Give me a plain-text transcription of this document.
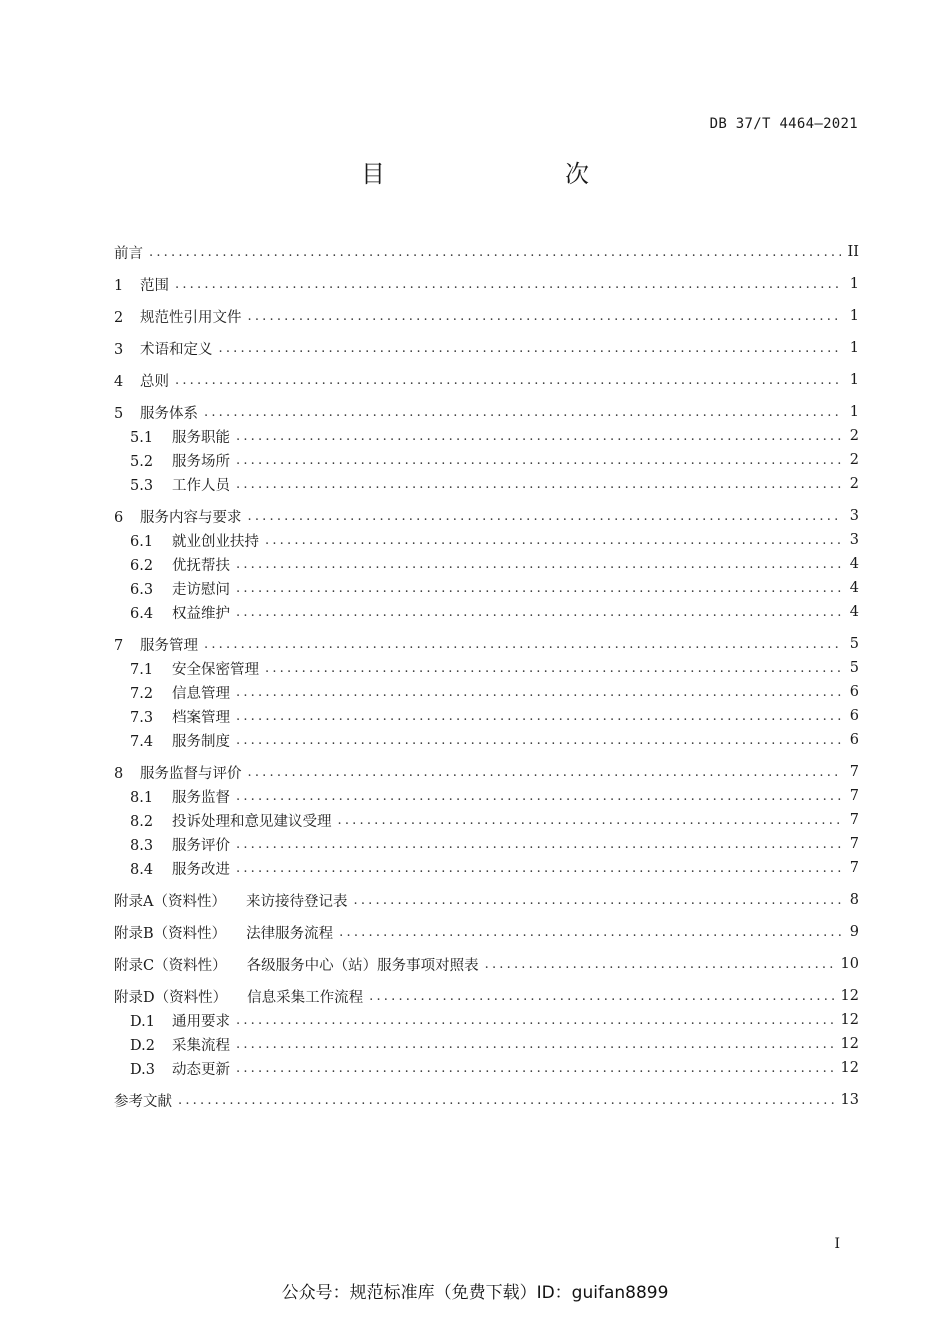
DB 37/T 4464—2021
目　　次
前言 .....	II
1 范围 .....	1
2 规范性引用文件 .....	1
3 术语和定义 .....	1
4 总则 .....	1
5 服务体系 .....	1
5.1 服务职能 .....	2
5.2 服务场所 .....	2
5.3 工作人员 .....	2
6 服务内容与要求 .....	3
6.1 就业创业扶持 .....	3
6.2 优抚帮扶 .....	4
6.3 走访慰问 .....	4
6.4 权益维护 .....	4
7 服务管理 .....	5
7.1 安全保密管理 .....	5
7.2 信息管理 .....	6
7.3 档案管理 .....	6
7.4 服务制度 .....	6
8 服务监督与评价 .....	7
8.1 服务监督 .....	7
8.2 投诉处理和意见建议受理 .....	7
8.3 服务评价 .....	7
8.4 服务改进 .....	7
附录A（资料性） 来访接待登记表 .....	8
附录B（资料性） 法律服务流程 .....	9
附录C（资料性） 各级服务中心（站）服务事项对照表 .....	10
附录D（资料性） 信息采集工作流程 .....	12
D.1 通用要求 .....	12
D.2 采集流程 .....	12
D.3 动态更新 .....	12
参考文献 .....	13
I
公众号：规范标准库（免费下载）ID：guifan8899
